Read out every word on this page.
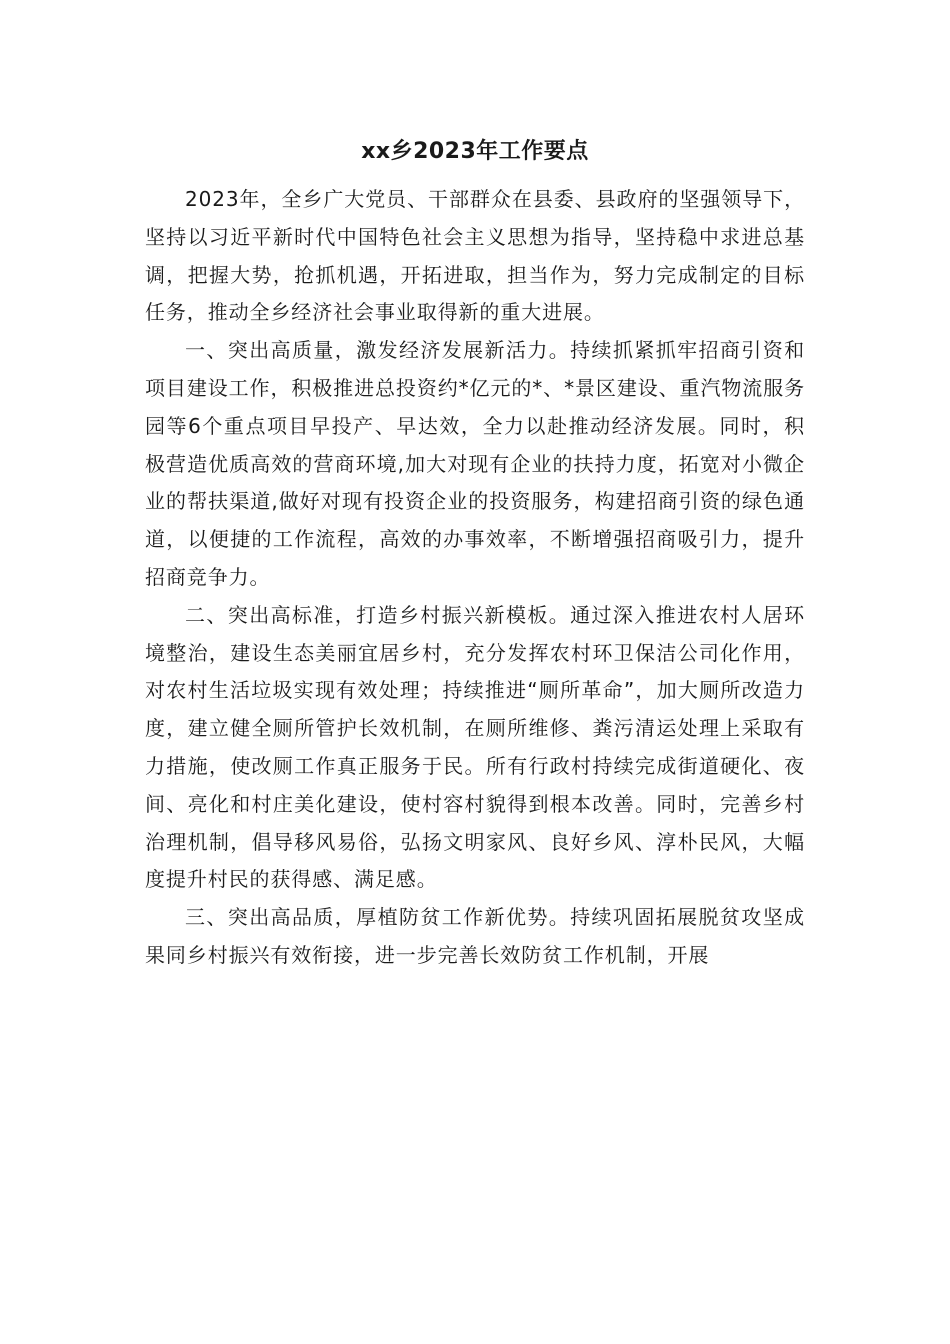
xx乡2023年工作要点

2023年，全乡广大党员、干部群众在县委、县政府的坚强领导下，坚持以习近平新时代中国特色社会主义思想为指导，坚持稳中求进总基调，把握大势，抢抓机遇，开拓进取，担当作为，努力完成制定的目标任务，推动全乡经济社会事业取得新的重大进展。

一、突出高质量，激发经济发展新活力。持续抓紧抓牢招商引资和项目建设工作，积极推进总投资约*亿元的*、*景区建设、重汽物流服务园等6个重点项目早投产、早达效，全力以赴推动经济发展。同时，积极营造优质高效的营商环境,加大对现有企业的扶持力度，拓宽对小微企业的帮扶渠道,做好对现有投资企业的投资服务，构建招商引资的绿色通道，以便捷的工作流程，高效的办事效率，不断增强招商吸引力，提升招商竞争力。

二、突出高标准，打造乡村振兴新模板。通过深入推进农村人居环境整治，建设生态美丽宜居乡村，充分发挥农村环卫保洁公司化作用，对农村生活垃圾实现有效处理；持续推进“厕所革命”，加大厕所改造力度，建立健全厕所管护长效机制，在厕所维修、粪污清运处理上采取有力措施，使改厕工作真正服务于民。所有行政村持续完成街道硬化、夜间、亮化和村庄美化建设，使村容村貌得到根本改善。同时，完善乡村治理机制，倡导移风易俗，弘扬文明家风、良好乡风、淳朴民风，大幅度提升村民的获得感、满足感。

三、突出高品质，厚植防贫工作新优势。持续巩固拓展脱贫攻坚成果同乡村振兴有效衔接，进一步完善长效防贫工作机制，开展
